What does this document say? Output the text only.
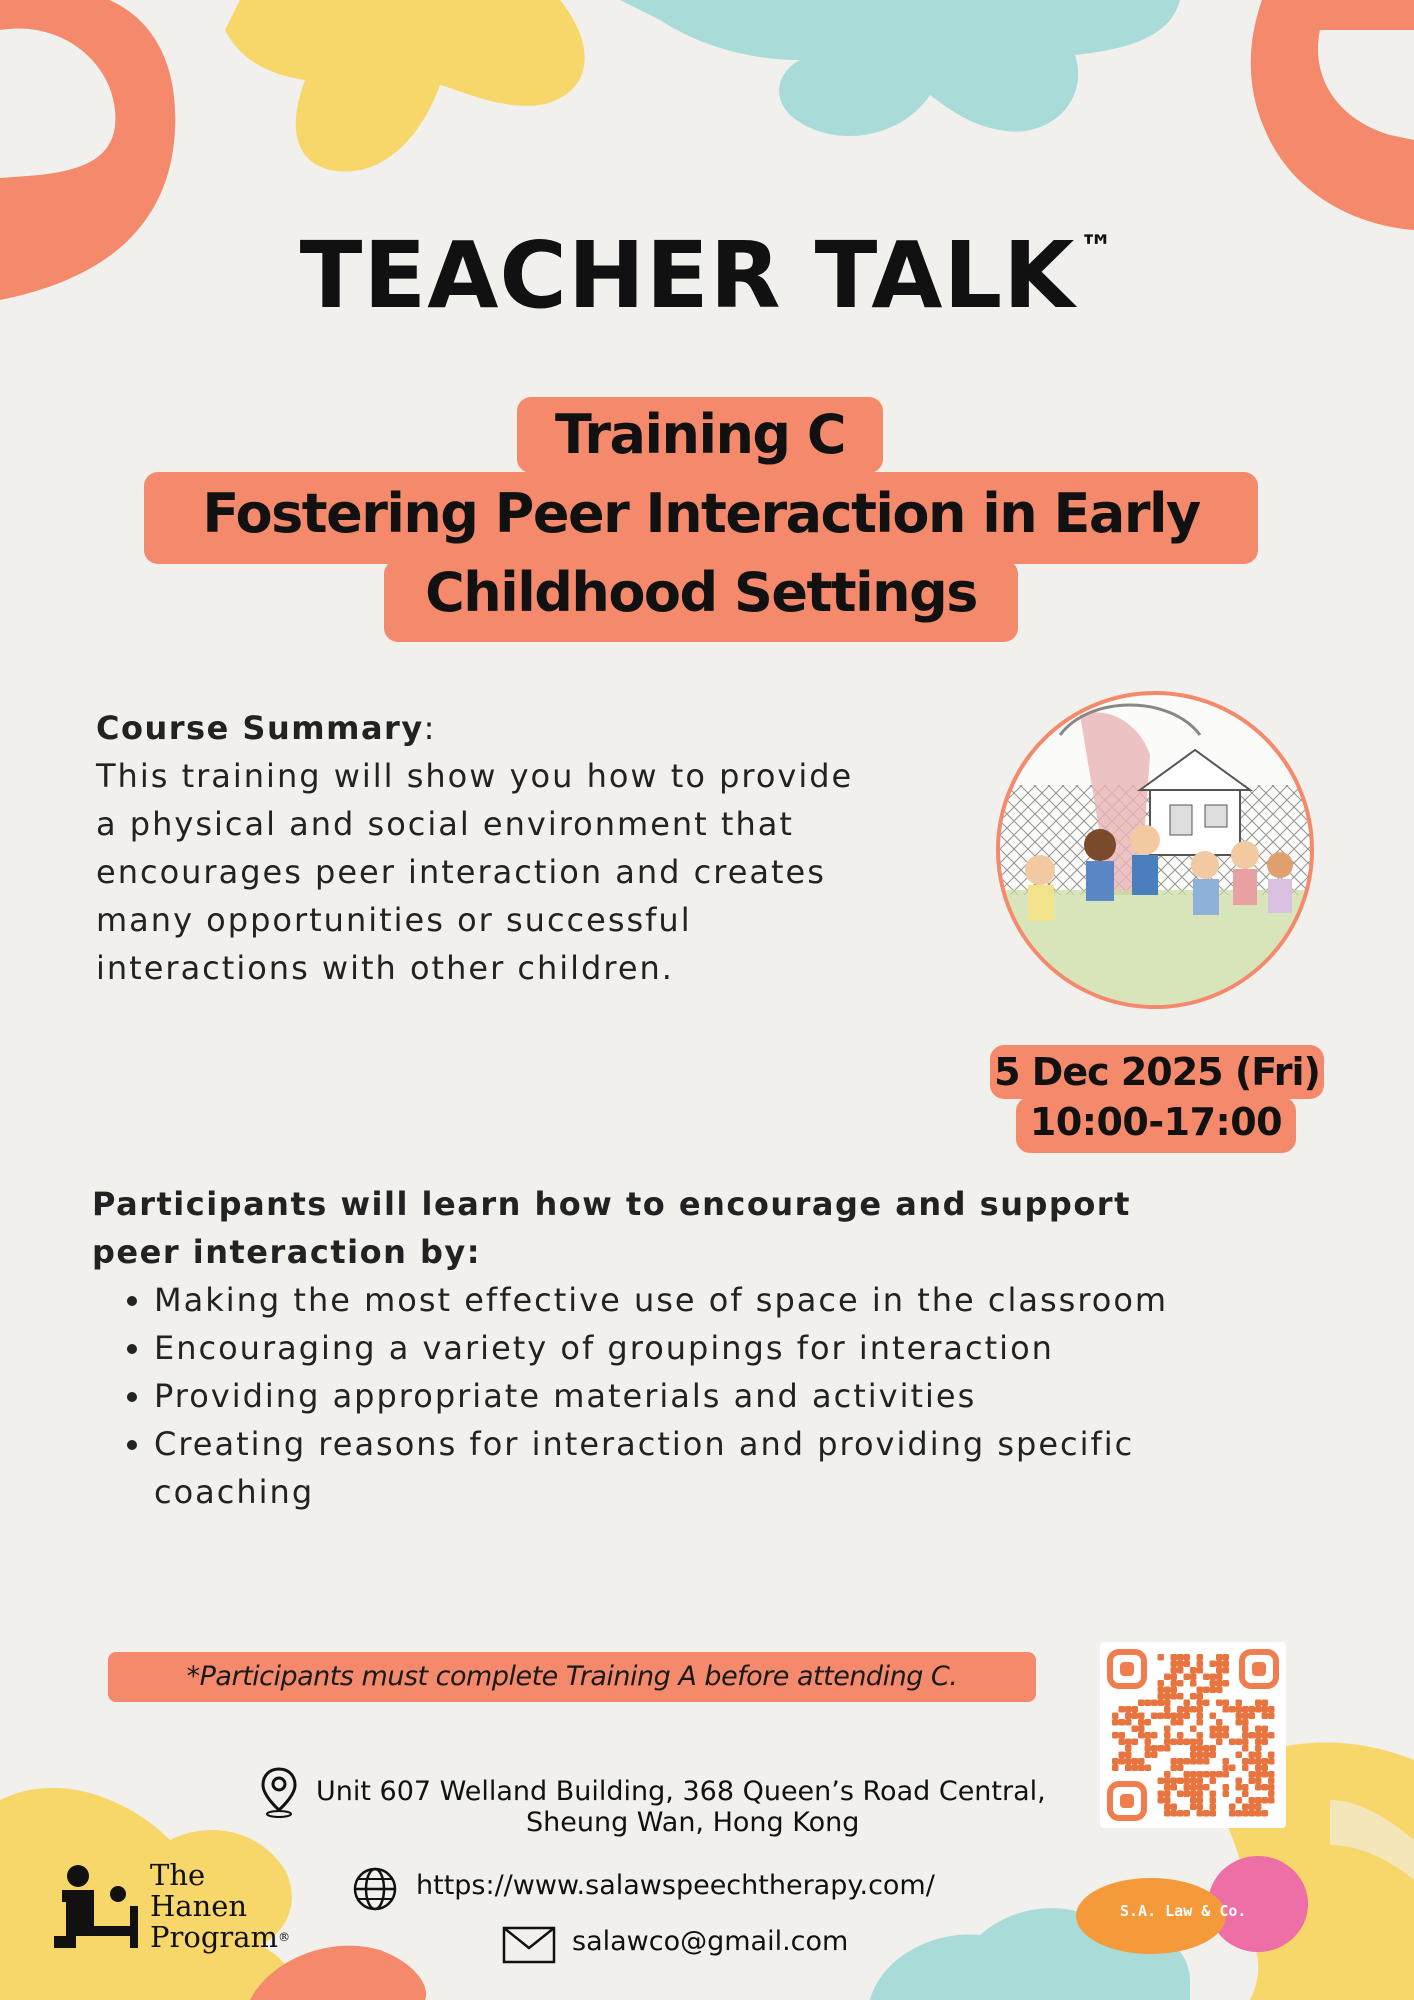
TEACHER TALK ™
Training C
Fostering Peer Interaction in Early
Childhood Settings
Course Summary:
This training will show you how to provide
a physical and social environment that
encourages peer interaction and creates
many opportunities or successful
interactions with other children.
5 Dec 2025 (Fri)
10:00-17:00
Participants will learn how to encourage and support
peer interaction by:
• Making the most effective use of space in the classroom
• Encouraging a variety of groupings for interaction
• Providing appropriate materials and activities
• Creating reasons for interaction and providing specific coaching
*Participants must complete Training A before attending C.
Unit 607 Welland Building, 368 Queen’s Road Central,
Sheung Wan, Hong Kong
https://www.salawspeechtherapy.com/
salawco@gmail.com
The
Hanen
Program®
S.A. Law & Co.
